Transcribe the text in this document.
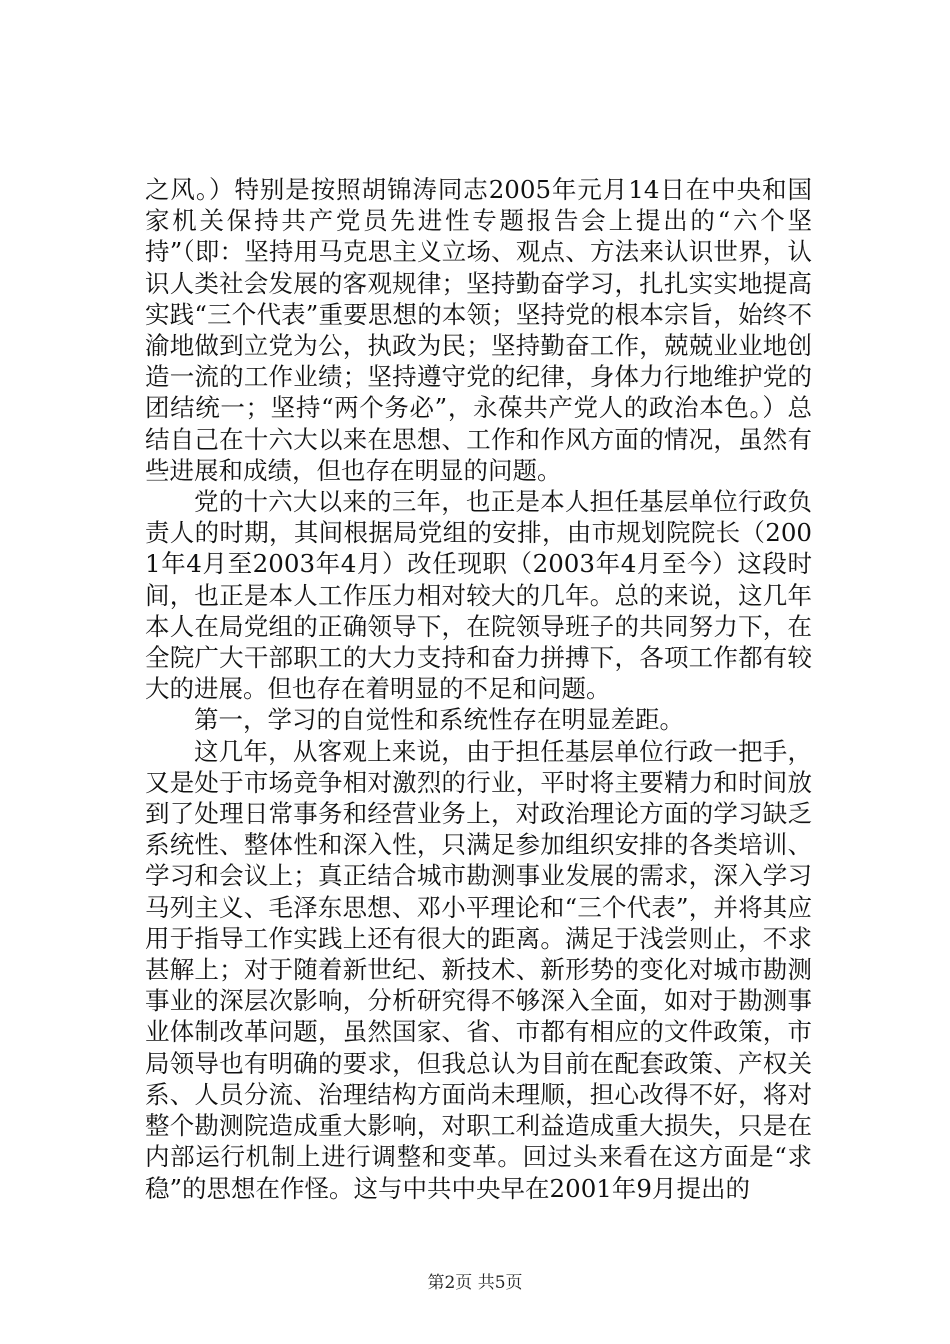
之风。）特别是按照胡锦涛同志2005年元月14日在中央和国家机关保持共产党员先进性专题报告会上提出的“六个坚持”（即：坚持用马克思主义立场、观点、方法来认识世界，认识人类社会发展的客观规律；坚持勤奋学习，扎扎实实地提高实践“三个代表”重要思想的本领；坚持党的根本宗旨，始终不渝地做到立党为公，执政为民；坚持勤奋工作，兢兢业业地创造一流的工作业绩；坚持遵守党的纪律，身体力行地维护党的团结统一；坚持“两个务必”，永葆共产党人的政治本色。）总结自己在十六大以来在思想、工作和作风方面的情况，虽然有些进展和成绩，但也存在明显的问题。

党的十六大以来的三年，也正是本人担任基层单位行政负责人的时期，其间根据局党组的安排，由市规划院院长（2001年4月至2003年4月）改任现职（2003年4月至今）这段时间，也正是本人工作压力相对较大的几年。总的来说，这几年本人在局党组的正确领导下，在院领导班子的共同努力下，在全院广大干部职工的大力支持和奋力拼搏下，各项工作都有较大的进展。但也存在着明显的不足和问题。

第一，学习的自觉性和系统性存在明显差距。

这几年，从客观上来说，由于担任基层单位行政一把手，又是处于市场竞争相对激烈的行业，平时将主要精力和时间放到了处理日常事务和经营业务上，对政治理论方面的学习缺乏系统性、整体性和深入性，只满足参加组织安排的各类培训、学习和会议上；真正结合城市勘测事业发展的需求，深入学习马列主义、毛泽东思想、邓小平理论和“三个代表”，并将其应用于指导工作实践上还有很大的距离。满足于浅尝则止，不求甚解上；对于随着新世纪、新技术、新形势的变化对城市勘测事业的深层次影响，分析研究得不够深入全面，如对于勘测事业体制改革问题，虽然国家、省、市都有相应的文件政策，市局领导也有明确的要求，但我总认为目前在配套政策、产权关系、人员分流、治理结构方面尚未理顺，担心改得不好，将对整个勘测院造成重大影响，对职工利益造成重大损失，只是在内部运行机制上进行调整和变革。回过头来看在这方面是“求稳”的思想在作怪。这与中共中央早在2001年9月提出的

第2页 共5页
